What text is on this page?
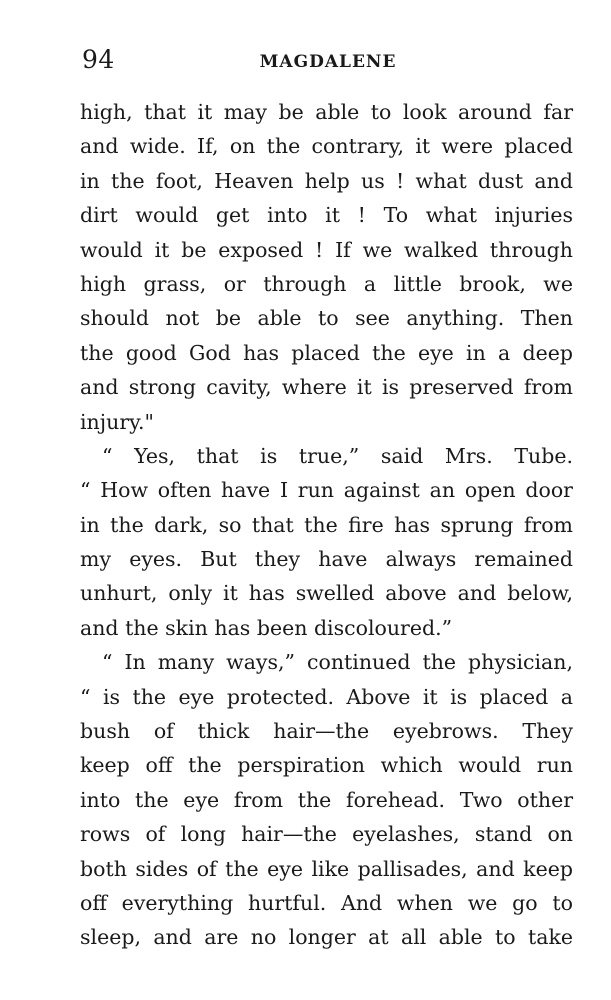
94	MAGDALENE
high, that it may be able to look around far
and wide. If, on the contrary, it were placed
in the foot, Heaven help us ! what dust and
dirt would get into it ! To what injuries
would it be exposed ! If we walked through
high grass, or through a little brook, we
should not be able to see anything. Then
the good God has placed the eye in a deep
and strong cavity, where it is preserved from
injury."
“ Yes, that is true,” said Mrs. Tube.
“ How often have I run against an open door
in the dark, so that the fire has sprung from
my eyes. But they have always remained
unhurt, only it has swelled above and below,
and the skin has been discoloured.”
“ In many ways,” continued the physician,
“ is the eye protected. Above it is placed a
bush of thick hair—the eyebrows. They
keep off the perspiration which would run
into the eye from the forehead. Two other
rows of long hair—the eyelashes, stand on
both sides of the eye like pallisades, and keep
off everything hurtful. And when we go to
sleep, and are no longer at all able to take
